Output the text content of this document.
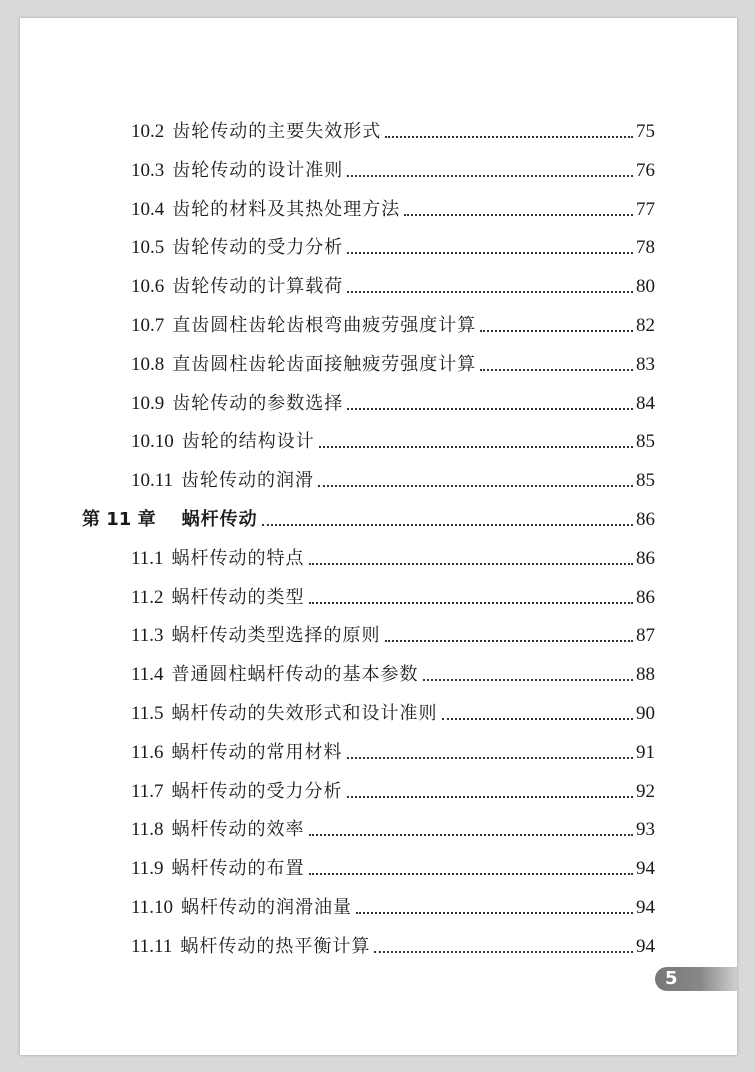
10.2 齿轮传动的主要失效形式	75
10.3 齿轮传动的设计准则	76
10.4 齿轮的材料及其热处理方法	77
10.5 齿轮传动的受力分析	78
10.6 齿轮传动的计算载荷	80
10.7 直齿圆柱齿轮齿根弯曲疲劳强度计算	82
10.8 直齿圆柱齿轮齿面接触疲劳强度计算	83
10.9 齿轮传动的参数选择	84
10.10 齿轮的结构设计	85
10.11 齿轮传动的润滑	85
第 11 章 蜗杆传动	86
11.1 蜗杆传动的特点	86
11.2 蜗杆传动的类型	86
11.3 蜗杆传动类型选择的原则	87
11.4 普通圆柱蜗杆传动的基本参数	88
11.5 蜗杆传动的失效形式和设计准则	90
11.6 蜗杆传动的常用材料	91
11.7 蜗杆传动的受力分析	92
11.8 蜗杆传动的效率	93
11.9 蜗杆传动的布置	94
11.10 蜗杆传动的润滑油量	94
11.11 蜗杆传动的热平衡计算	94
5
